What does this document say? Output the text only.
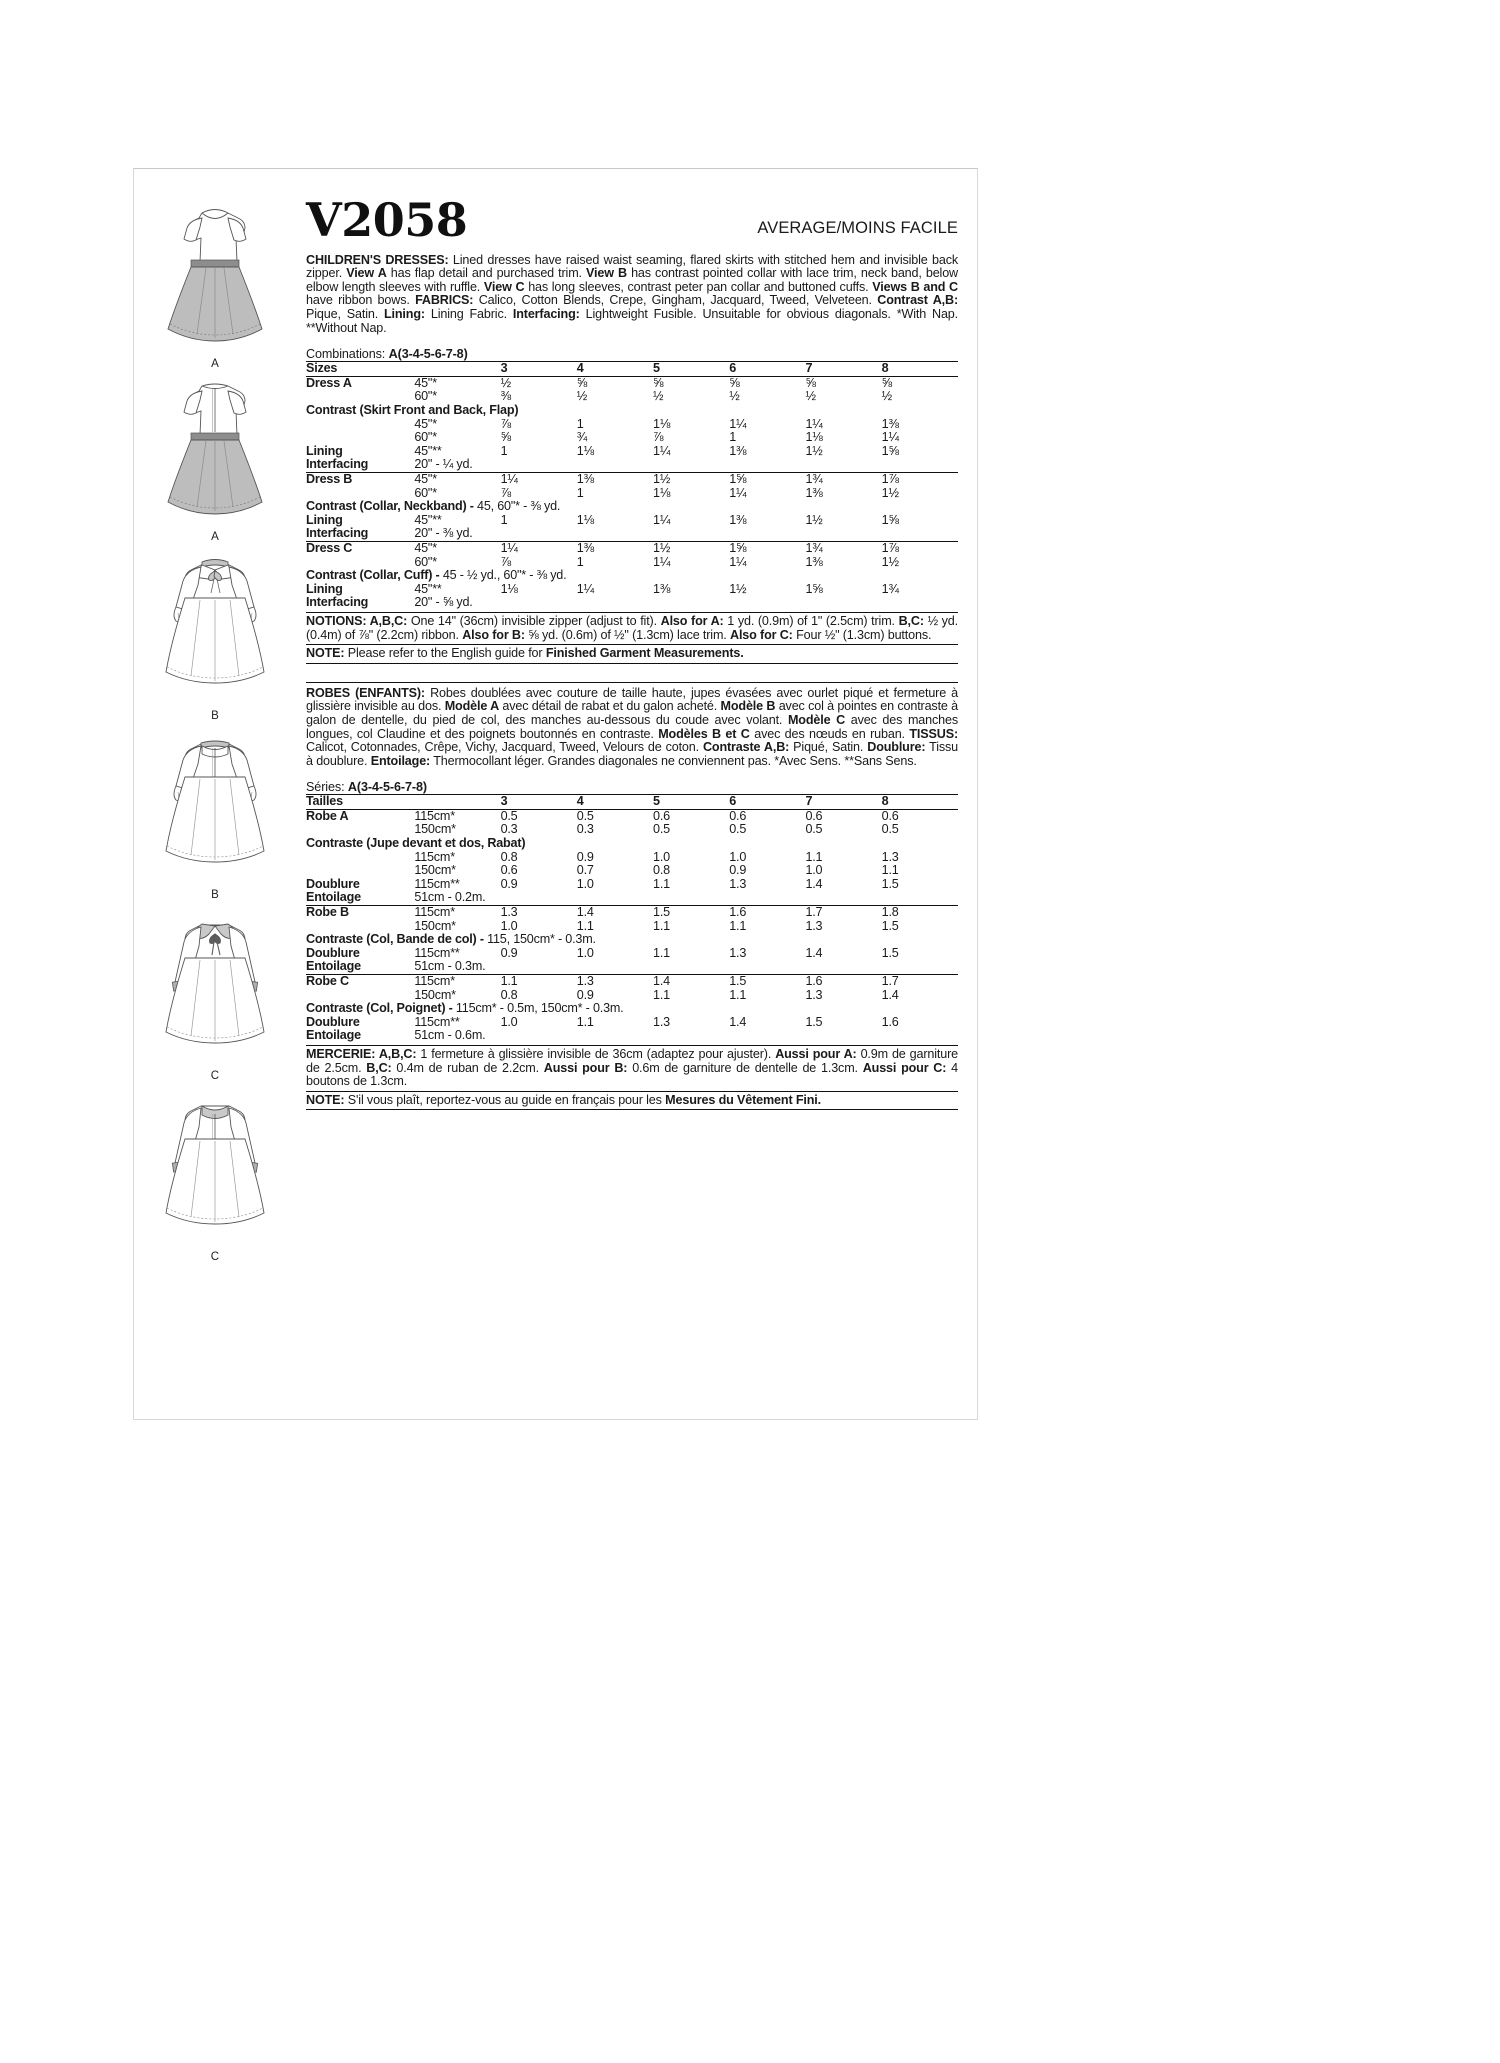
A
A
B
B
C
C
V2058	AVERAGE/MOINS FACILE
CHILDREN'S DRESSES: Lined dresses have raised waist seaming, flared skirts with stitched hem and invisible back zipper. View A has flap detail and purchased trim. View B has contrast pointed collar with lace trim, neck band, below elbow length sleeves with ruffle. View C has long sleeves, contrast peter pan collar and buttoned cuffs. Views B and C have ribbon bows. FABRICS: Calico, Cotton Blends, Crepe, Gingham, Jacquard, Tweed, Velveteen. Contrast A,B: Pique, Satin. Lining: Lining Fabric. Interfacing: Lightweight Fusible. Unsuitable for obvious diagonals. *With Nap. **Without Nap.
Combinations: A(3-4-5-6-7-8)
Sizes		3	4	5	6	7	8
Dress A	45"*	½	⅝	⅝	⅝	⅝	⅝
	60"*	⅜	½	½	½	½	½
Contrast (Skirt Front and Back, Flap)							
	45"*	⅞	1	1⅛	1¼	1¼	1⅜
	60"*	⅝	¾	⅞	1	1⅛	1¼
Lining	45"**	1	1⅛	1¼	1⅜	1½	1⅝
Interfacing	20" - ¼ yd.						
Dress B	45"*	1¼	1⅜	1½	1⅝	1¾	1⅞
	60"*	⅞	1	1⅛	1¼	1⅜	1½
Contrast (Collar, Neckband) - 45, 60"* - ⅜ yd.							
Lining	45"**	1	1⅛	1¼	1⅜	1½	1⅝
Interfacing	20" - ⅜ yd.						
Dress C	45"*	1¼	1⅜	1½	1⅝	1¾	1⅞
	60"*	⅞	1	1¼	1¼	1⅜	1½
Contrast (Collar, Cuff) - 45 - ½ yd., 60"* - ⅜ yd.							
Lining	45"**	1⅛	1¼	1⅜	1½	1⅝	1¾
Interfacing	20" - ⅝ yd.						
NOTIONS: A,B,C: One 14" (36cm) invisible zipper (adjust to fit). Also for A: 1 yd. (0.9m) of 1" (2.5cm) trim. B,C: ½ yd. (0.4m) of ⅞" (2.2cm) ribbon. Also for B: ⅝ yd. (0.6m) of ½" (1.3cm) lace trim. Also for C: Four ½" (1.3cm) buttons.
NOTE: Please refer to the English guide for Finished Garment Measurements.
ROBES (ENFANTS): Robes doublées avec couture de taille haute, jupes évasées avec ourlet piqué et fermeture à glissière invisible au dos. Modèle A avec détail de rabat et du galon acheté. Modèle B avec col à pointes en contraste à galon de dentelle, du pied de col, des manches au-dessous du coude avec volant. Modèle C avec des manches longues, col Claudine et des poignets boutonnés en contraste. Modèles B et C avec des nœuds en ruban. TISSUS: Calicot, Cotonnades, Crêpe, Vichy, Jacquard, Tweed, Velours de coton. Contraste A,B: Piqué, Satin. Doublure: Tissu à doublure. Entoilage: Thermocollant léger. Grandes diagonales ne conviennent pas. *Avec Sens. **Sans Sens.
Séries: A(3-4-5-6-7-8)
Tailles		3	4	5	6	7	8
Robe A	115cm*	0.5	0.5	0.6	0.6	0.6	0.6
	150cm*	0.3	0.3	0.5	0.5	0.5	0.5
Contraste (Jupe devant et dos, Rabat)							
	115cm*	0.8	0.9	1.0	1.0	1.1	1.3
	150cm*	0.6	0.7	0.8	0.9	1.0	1.1
Doublure	115cm**	0.9	1.0	1.1	1.3	1.4	1.5
Entoilage	51cm - 0.2m.						
Robe B	115cm*	1.3	1.4	1.5	1.6	1.7	1.8
	150cm*	1.0	1.1	1.1	1.1	1.3	1.5
Contraste (Col, Bande de col) - 115, 150cm* - 0.3m.							
Doublure	115cm**	0.9	1.0	1.1	1.3	1.4	1.5
Entoilage	51cm - 0.3m.						
Robe C	115cm*	1.1	1.3	1.4	1.5	1.6	1.7
	150cm*	0.8	0.9	1.1	1.1	1.3	1.4
Contraste (Col, Poignet) - 115cm* - 0.5m, 150cm* - 0.3m.							
Doublure	115cm**	1.0	1.1	1.3	1.4	1.5	1.6
Entoilage	51cm - 0.6m.						
MERCERIE: A,B,C: 1 fermeture à glissière invisible de 36cm (adaptez pour ajuster). Aussi pour A: 0.9m de garniture de 2.5cm. B,C: 0.4m de ruban de 2.2cm. Aussi pour B: 0.6m de garniture de dentelle de 1.3cm. Aussi pour C: 4 boutons de 1.3cm.
NOTE: S'il vous plaît, reportez-vous au guide en français pour les Mesures du Vêtement Fini.
